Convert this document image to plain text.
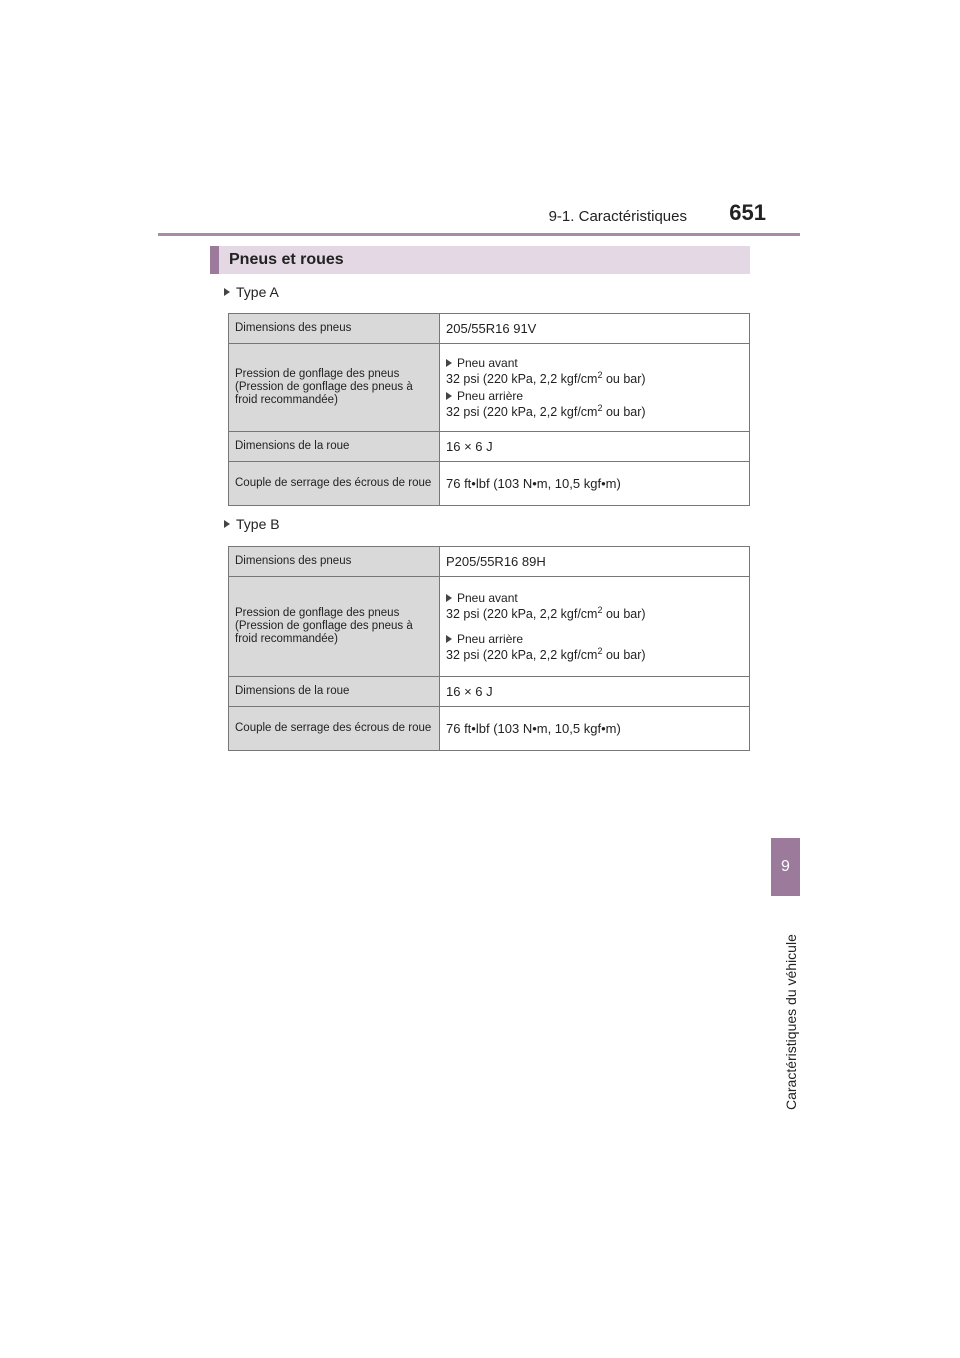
9-1. Caractéristiques	651
9
Caractéristiques du véhicule
Pneus et roues
Type A
Dimensions des pneus	205/55R16 91V
Pression de gonflage des pneus (Pression de gonflage des pneus à froid recommandée)	Pneu avant
32 psi (220 kPa, 2,2 kgf/$cm^2$ ou bar)
Pneu arrière
32 psi (220 kPa, 2,2 kgf/$cm^2$ ou bar)

Dimensions de la roue	16 × 6 J
Couple de serrage des écrous de roue	76 ft•lbf (103 N•m, 10,5 kgf•m)
Type B
Dimensions des pneus	P205/55R16 89H
Pression de gonflage des pneus (Pression de gonflage des pneus à froid recommandée)	Pneu avant
32 psi (220 kPa, 2,2 kgf/$cm^2$ ou bar)
Pneu arrière
32 psi (220 kPa, 2,2 kgf/$cm^2$ ou bar)

Dimensions de la roue	16 × 6 J
Couple de serrage des écrous de roue	76 ft•lbf (103 N•m, 10,5 kgf•m)
